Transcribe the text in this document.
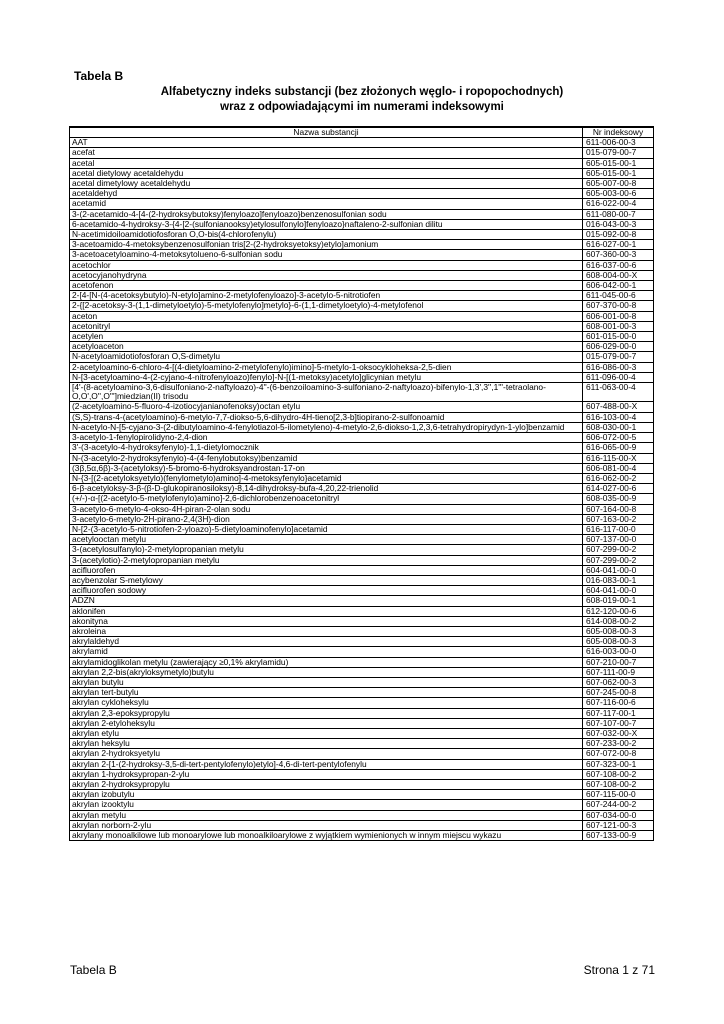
Tabela B
Alfabetyczny indeks substancji (bez złożonych węglo- i ropopochodnych)
wraz z odpowiadającymi im numerami indeksowymi
Nazwa substancji	Nr indeksowy
AAT	611-006-00-3
acefat	015-079-00-7
acetal	605-015-00-1
acetal dietylowy acetaldehydu	605-015-00-1
acetal dimetylowy acetaldehydu	605-007-00-8
acetaldehyd	605-003-00-6
acetamid	616-022-00-4
3-(2-acetamido-4-[4-(2-hydroksybutoksy)fenyloazo]fenyloazo}benzenosulfonian sodu	611-080-00-7
6-acetamido-4-hydroksy-3-{4-[2-(sulfonianooksy)etylosulfonylo]fenyloazo}naftaleno-2-sulfonian dilitu	016-043-00-3
N-acetimidoiloamidotiofosforan O,O-bis(4-chlorofenylu)	015-092-00-8
3-acetoamido-4-metoksybenzenosulfonian tris[2-(2-hydroksyetoksy)etylo]amonium	616-027-00-1
3-acetoacetyloamino-4-metoksytolueno-6-sulfonian sodu	607-360-00-3
acetochlor	616-037-00-6
acetocyjanohydryna	608-004-00-X
acetofenon	606-042-00-1
2-[4-[N-(4-acetoksybutylo)-N-etylo]amino-2-metylofenyloazo]-3-acetylo-5-nitrotiofen	611-045-00-6
2-{[2-acetoksy-3-(1,1-dimetyloetylo)-5-metylofenylo]metylo}-6-(1,1-dimetyloetylo)-4-metylofenol	607-370-00-8
aceton	606-001-00-8
acetonitryl	608-001-00-3
acetylen	601-015-00-0
acetyloaceton	606-029-00-0
N-acetyloamidotiofosforan O,S-dimetylu	015-079-00-7
2-acetyloamino-6-chloro-4-[(4-dietyloamino-2-metylofenylo)imino]-5-metylo-1-oksocykloheksa-2,5-dien	616-086-00-3
N-[3-acetyloamino-4-(2-cyjano-4-nitrofenyloazo)fenylo]-N-[(1-metoksy)acetylo]glicynian metylu	611-096-00-4
[4'-(8-acetyloamino-3,6-disulfoniano-2-naftyloazo)-4''-(6-benzoiloamino-3-sulfoniano-2-naftyloazo)-bifenylo-1,3',3'',1'''-tetraolano-O,O',O'',O''']miedzian(II) trisodu	611-063-00-4
(2-acetyloamino-5-fluoro-4-izotiocyjanianofenoksy)octan etylu	607-488-00-X
(S,S)-trans-4-(acetyloamino)-6-metylo-7,7-diokso-5,6-dihydro-4H-tieno[2,3-b]tiopirano-2-sulfonoamid	616-103-00-4
N-acetylo-N-[5-cyjano-3-(2-dibutyloamino-4-fenylotiazol-5-ilometyleno)-4-metylo-2,6-diokso-1,2,3,6-tetrahydropirydyn-1-ylo]benzamid	608-030-00-1
3-acetylo-1-fenylopirolidyno-2,4-dion	606-072-00-5
3'-(3-acetylo-4-hydroksyfenylo)-1,1-dietylomocznik	616-065-00-9
N-(3-acetylo-2-hydroksyfenylo)-4-(4-fenylobutoksy)benzamid	616-115-00-X
(3β,5α,6β)-3-(acetyloksy)-5-bromo-6-hydroksyandrostan-17-on	606-081-00-4
N-{3-[(2-acetyloksyetylo)(fenylometylo)amino]-4-metoksyfenylo}acetamid	616-062-00-2
6-β-acetyloksy-3-β-(β-D-glukopiranosiloksy)-8,14-dihydroksy-bufa-4,20,22-trienolid	614-027-00-6
(+/-)-α-[(2-acetylo-5-metylofenylo)amino]-2,6-dichlorobenzenoacetonitryl	608-035-00-9
3-acetylo-6-metylo-4-okso-4H-piran-2-olan sodu	607-164-00-8
3-acetylo-6-metylo-2H-pirano-2,4(3H)-dion	607-163-00-2
N-[2-(3-acetylo-5-nitrotiofen-2-yloazo)-5-dietyloaminofenylo]acetamid	616-117-00-0
acetylooctan metylu	607-137-00-0
3-(acetylosulfanylo)-2-metylopropanian metylu	607-299-00-2
3-(acetylotio)-2-metylopropanian metylu	607-299-00-2
acifluorofen	604-041-00-0
acybenzolar S-metylowy	016-083-00-1
acifluorofen sodowy	604-041-00-0
ADZN	608-019-00-1
aklonifen	612-120-00-6
akonityna	614-008-00-2
akroleina	605-008-00-3
akrylaldehyd	605-008-00-3
akrylamid	616-003-00-0
akrylamidoglikolan metylu (zawierający ≥0,1% akrylamidu)	607-210-00-7
akrylan 2,2-bis(akryloksymetylo)butylu	607-111-00-9
akrylan butylu	607-062-00-3
akrylan tert-butylu	607-245-00-8
akrylan cykloheksylu	607-116-00-6
akrylan 2,3-epoksypropylu	607-117-00-1
akrylan 2-etyloheksylu	607-107-00-7
akrylan etylu	607-032-00-X
akrylan heksylu	607-233-00-2
akrylan 2-hydroksyetylu	607-072-00-8
akrylan 2-[1-(2-hydroksy-3,5-di-tert-pentylofenylo)etylo]-4,6-di-tert-pentylofenylu	607-323-00-1
akrylan 1-hydroksypropan-2-ylu	607-108-00-2
akrylan 2-hydroksypropylu	607-108-00-2
akrylan izobutylu	607-115-00-0
akrylan izooktylu	607-244-00-2
akrylan metylu	607-034-00-0
akrylan norborn-2-ylu	607-121-00-3
akrylany monoalkilowe lub monoarylowe lub monoalkiloarylowe z wyjątkiem wymienionych w innym miejscu wykazu	607-133-00-9
Tabela B	Strona 1 z 71
